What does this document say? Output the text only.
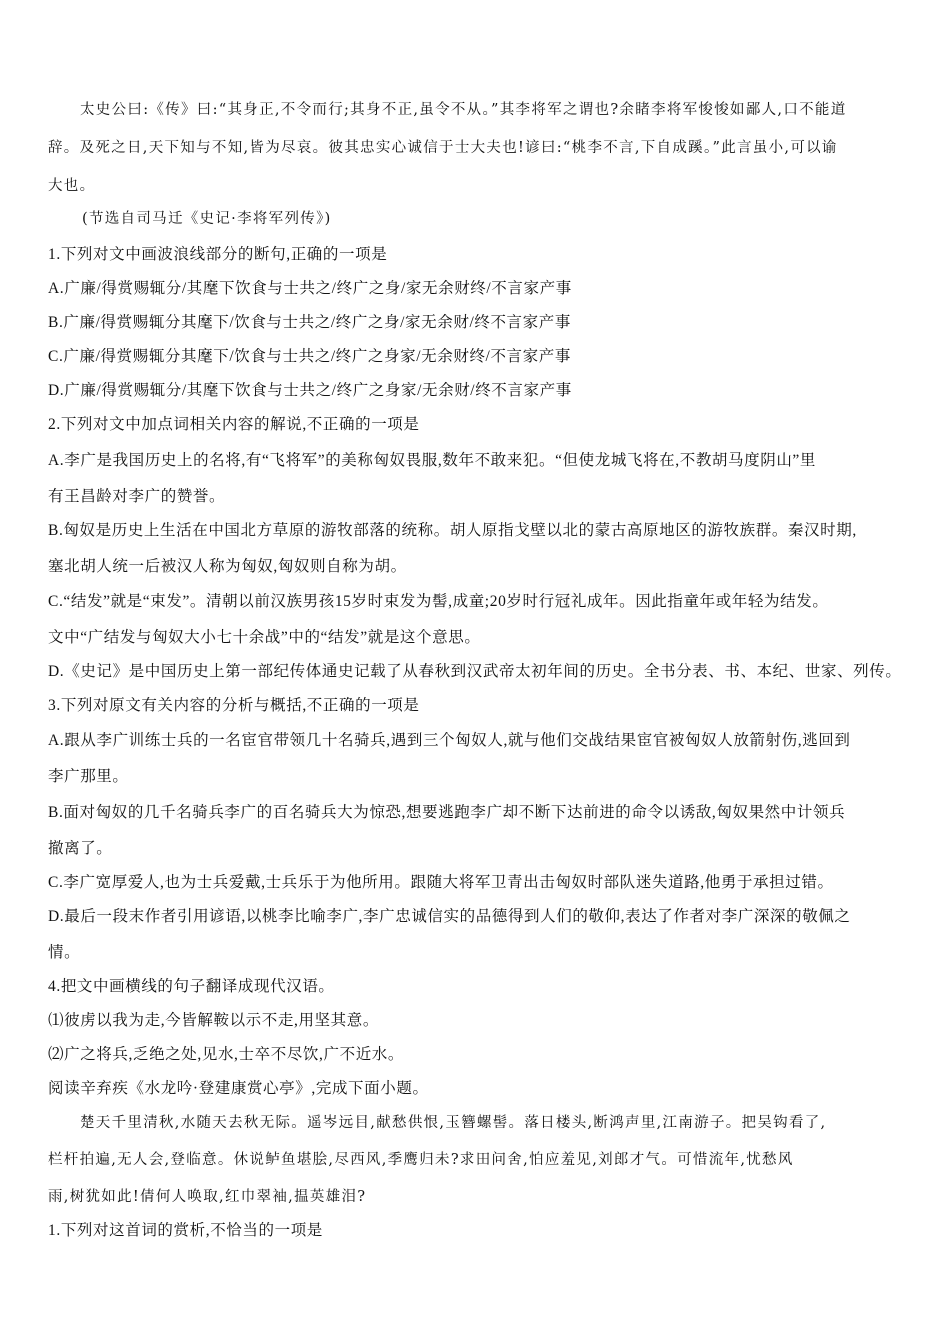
太史公曰:《传》曰:“其身正,不令而行;其身不正,虽令不从。”其李将军之谓也?余睹李将军悛悛如鄙人,口不能道
辞。及死之日,天下知与不知,皆为尽哀。彼其忠实心诚信于士大夫也!谚曰:“桃李不言,下自成蹊。”此言虽小,可以谕
大也。
(节选自司马迁《史记·李将军列传》)
1.下列对文中画波浪线部分的断句,正确的一项是
A.广廉/得赏赐辄分/其麾下饮食与士共之/终广之身/家无余财终/不言家产事
B.广廉/得赏赐辄分其麾下/饮食与士共之/终广之身/家无余财/终不言家产事
C.广廉/得赏赐辄分其麾下/饮食与士共之/终广之身家/无余财终/不言家产事
D.广廉/得赏赐辄分/其麾下饮食与士共之/终广之身家/无余财/终不言家产事
2.下列对文中加点词相关内容的解说,不正确的一项是
A.李广是我国历史上的名将,有“飞将军”的美称匈奴畏服,数年不敢来犯。“但使龙城飞将在,不教胡马度阴山”里
有王昌龄对李广的赞誉。
B.匈奴是历史上生活在中国北方草原的游牧部落的统称。胡人原指戈壁以北的蒙古高原地区的游牧族群。秦汉时期,
塞北胡人统一后被汉人称为匈奴,匈奴则自称为胡。
C.“结发”就是“束发”。清朝以前汉族男孩15岁时束发为髻,成童;20岁时行冠礼成年。因此指童年或年轻为结发。
文中“广结发与匈奴大小七十余战”中的“结发”就是这个意思。
D.《史记》是中国历史上第一部纪传体通史记载了从春秋到汉武帝太初年间的历史。全书分表、书、本纪、世家、列传。
3.下列对原文有关内容的分析与概括,不正确的一项是
A.跟从李广训练士兵的一名宦官带领几十名骑兵,遇到三个匈奴人,就与他们交战结果宦官被匈奴人放箭射伤,逃回到
李广那里。
B.面对匈奴的几千名骑兵李广的百名骑兵大为惊恐,想要逃跑李广却不断下达前进的命令以诱敌,匈奴果然中计领兵
撤离了。
C.李广宽厚爱人,也为士兵爱戴,士兵乐于为他所用。跟随大将军卫青出击匈奴时部队迷失道路,他勇于承担过错。
D.最后一段末作者引用谚语,以桃李比喻李广,李广忠诚信实的品德得到人们的敬仰,表达了作者对李广深深的敬佩之
情。
4.把文中画横线的句子翻译成现代汉语。
⑴彼虏以我为走,今皆解鞍以示不走,用坚其意。
⑵广之将兵,乏绝之处,见水,士卒不尽饮,广不近水。
阅读辛弃疾《水龙吟·登建康赏心亭》,完成下面小题。
楚天千里清秋,水随天去秋无际。遥岑远目,献愁供恨,玉簪螺髻。落日楼头,断鸿声里,江南游子。把吴钩看了,
栏杆拍遍,无人会,登临意。休说鲈鱼堪脍,尽西风,季鹰归未?求田问舍,怕应羞见,刘郎才气。可惜流年,忧愁风
雨,树犹如此!倩何人唤取,红巾翠袖,揾英雄泪?
1.下列对这首词的赏析,不恰当的一项是
